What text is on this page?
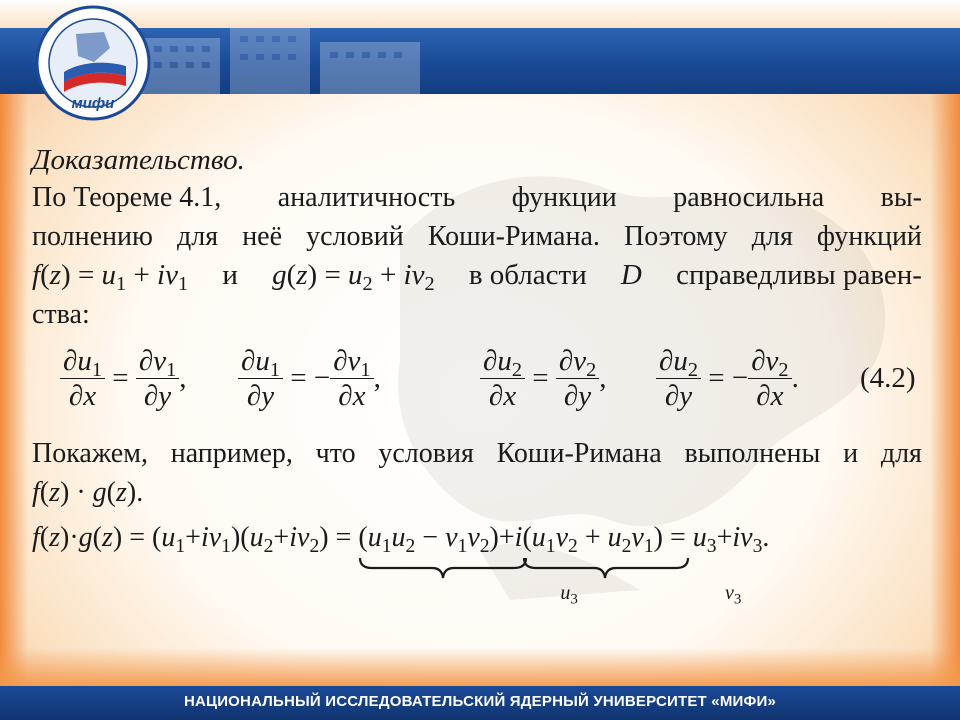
мифи
Доказательство.
По Теореме 4.1, аналитичность функции равносильна вы-
полнению для неё условий Коши-Римана. Поэтому для функций
$f(z) = u_1 + iv_1$ и $g(z) = u_2 + iv_2$ в области D справедливы равен-
ства:
$\frac{\partial u_1}{\partial x} = \frac{\partial v_1}{\partial y}$ , $\frac{\partial u_1}{\partial y}$ = − $\frac{\partial v_1}{\partial x}$ ,	$\frac{\partial u_2}{\partial x} = \frac{\partial v_2}{\partial y}$ , $\frac{\partial u_2}{\partial y}$ = − $\frac{\partial v_2}{\partial x}$ . (4.2)
Покажем, например, что условия Коши-Римана выполнены и для
f(z) · g(z).
$f(z)\cdot g(z) = (u_1+iv_1)(u_2+iv_2) = (u_1u_2 - v_1v_2)$
$u_3$
$+i(u_1v_2 + u_2v_1)$
$v_3$
= $u_3+iv_3$.
НАЦИОНАЛЬНЫЙ ИССЛЕДОВАТЕЛЬСКИЙ ЯДЕРНЫЙ УНИВЕРСИТЕТ «МИФИ»
